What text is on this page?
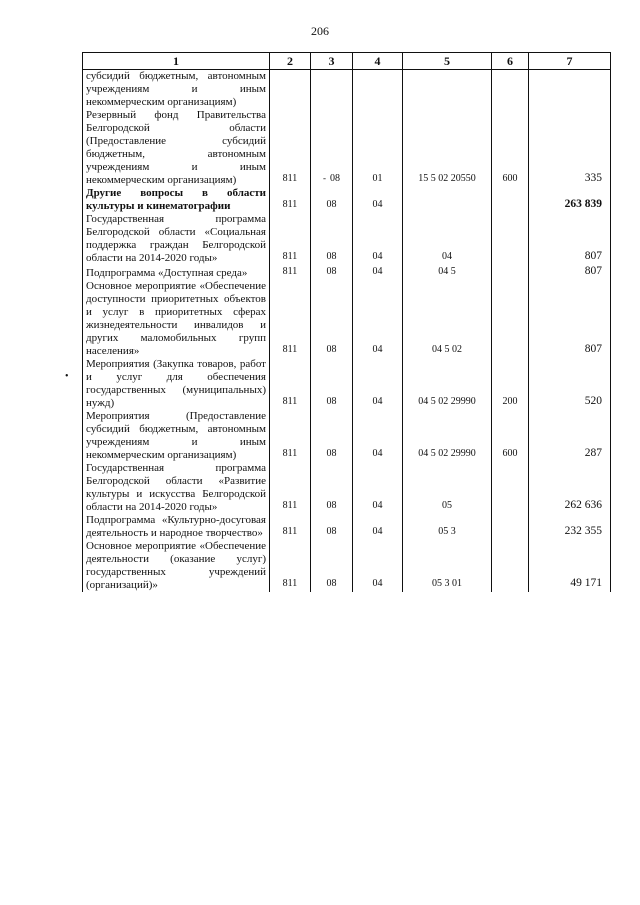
206
•
1	2	3	4	5	6	7
субсидий бюджетным, автономным учреждениям и иным некоммерческим организациям)						
Резервный фонд Правительства Белгородской области (Предоставление субсидий бюджетным, автономным учреждениям и иным некоммерческим организациям)	811	- 08	01	15 5 02 20550	600	335
Другие вопросы в области культуры и кинематографии	811	08	04			263 839
Государственная программа Белгородской области «Социальная поддержка граждан Белгородской области на 2014-2020 годы»	811	08	04	04		807
Подпрограмма «Доступная среда»	811	08	04	04 5		807
Основное мероприятие «Обеспечение доступности приоритетных объектов и услуг в приоритетных сферах жизнедеятельности инвалидов и других маломобильных групп населения»	811	08	04	04 5 02		807
Мероприятия (Закупка товаров, работ и услуг для обеспечения государственных (муниципальных) нужд)	811	08	04	04 5 02 29990	200	520
Мероприятия (Предоставление субсидий бюджетным, автономным учреждениям и иным некоммерческим организациям)	811	08	04	04 5 02 29990	600	287
Государственная программа Белгородской области «Развитие культуры и искусства Белгородской области на 2014-2020 годы»	811	08	04	05		262 636
Подпрограмма «Культурно-досуговая деятельность и народное творчество»	811	08	04	05 3		232 355
Основное мероприятие «Обеспечение деятельности (оказание услуг) государственных учреждений (организаций)»	811	08	04	05 3 01		49 171
